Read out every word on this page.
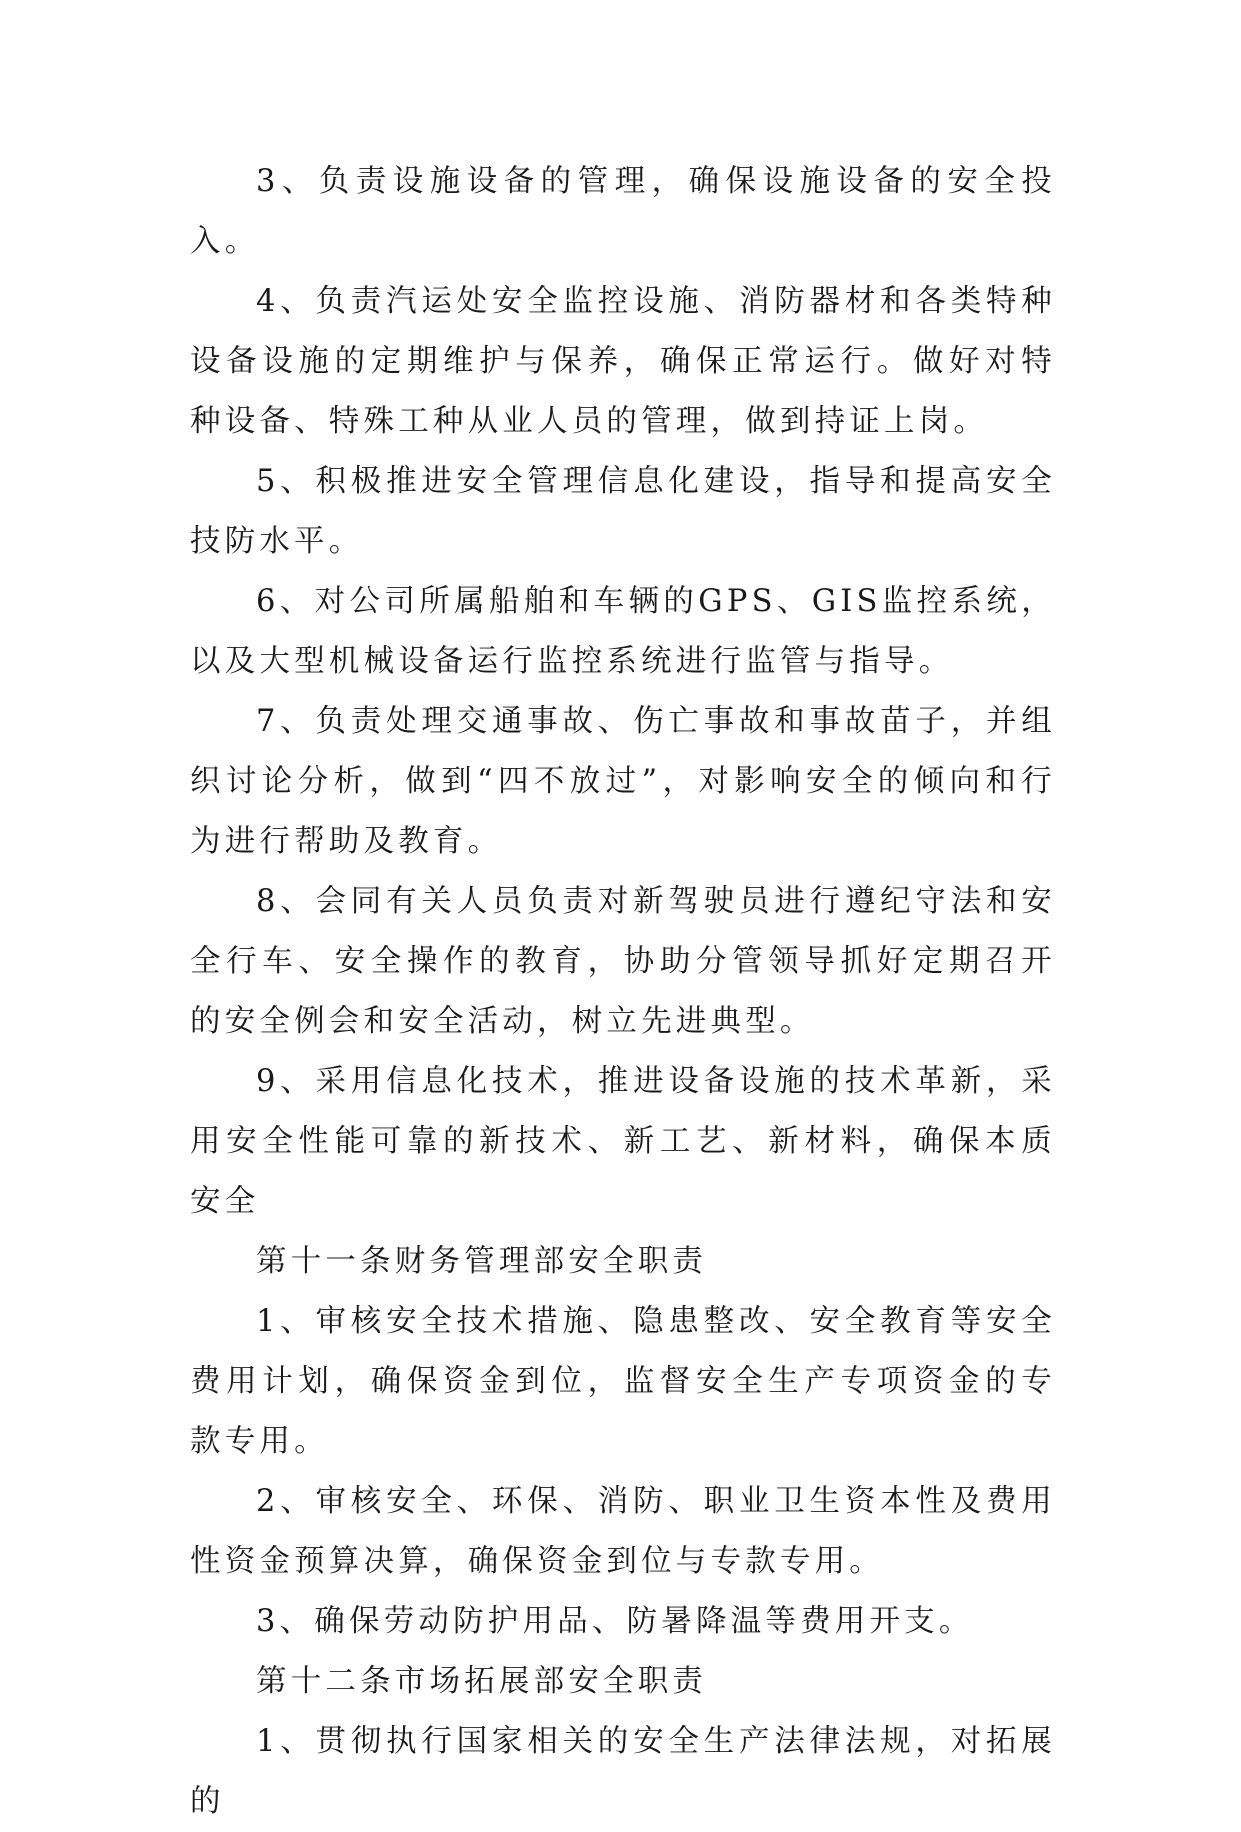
3、负责设施设备的管理，确保设施设备的安全投入。

4、负责汽运处安全监控设施、消防器材和各类特种设备设施的定期维护与保养，确保正常运行。做好对特种设备、特殊工种从业人员的管理，做到持证上岗。

5、积极推进安全管理信息化建设，指导和提高安全技防水平。

6、对公司所属船舶和车辆的GPS、GIS监控系统，以及大型机械设备运行监控系统进行监管与指导。

7、负责处理交通事故、伤亡事故和事故苗子，并组织讨论分析，做到“四不放过”，对影响安全的倾向和行为进行帮助及教育。

8、会同有关人员负责对新驾驶员进行遵纪守法和安全行车、安全操作的教育，协助分管领导抓好定期召开的安全例会和安全活动，树立先进典型。

9、采用信息化技术，推进设备设施的技术革新，采用安全性能可靠的新技术、新工艺、新材料，确保本质安全

第十一条财务管理部安全职责

1、审核安全技术措施、隐患整改、安全教育等安全费用计划，确保资金到位，监督安全生产专项资金的专款专用。

2、审核安全、环保、消防、职业卫生资本性及费用性资金预算决算，确保资金到位与专款专用。

3、确保劳动防护用品、防暑降温等费用开支。

第十二条市场拓展部安全职责

1、贯彻执行国家相关的安全生产法律法规，对拓展的
